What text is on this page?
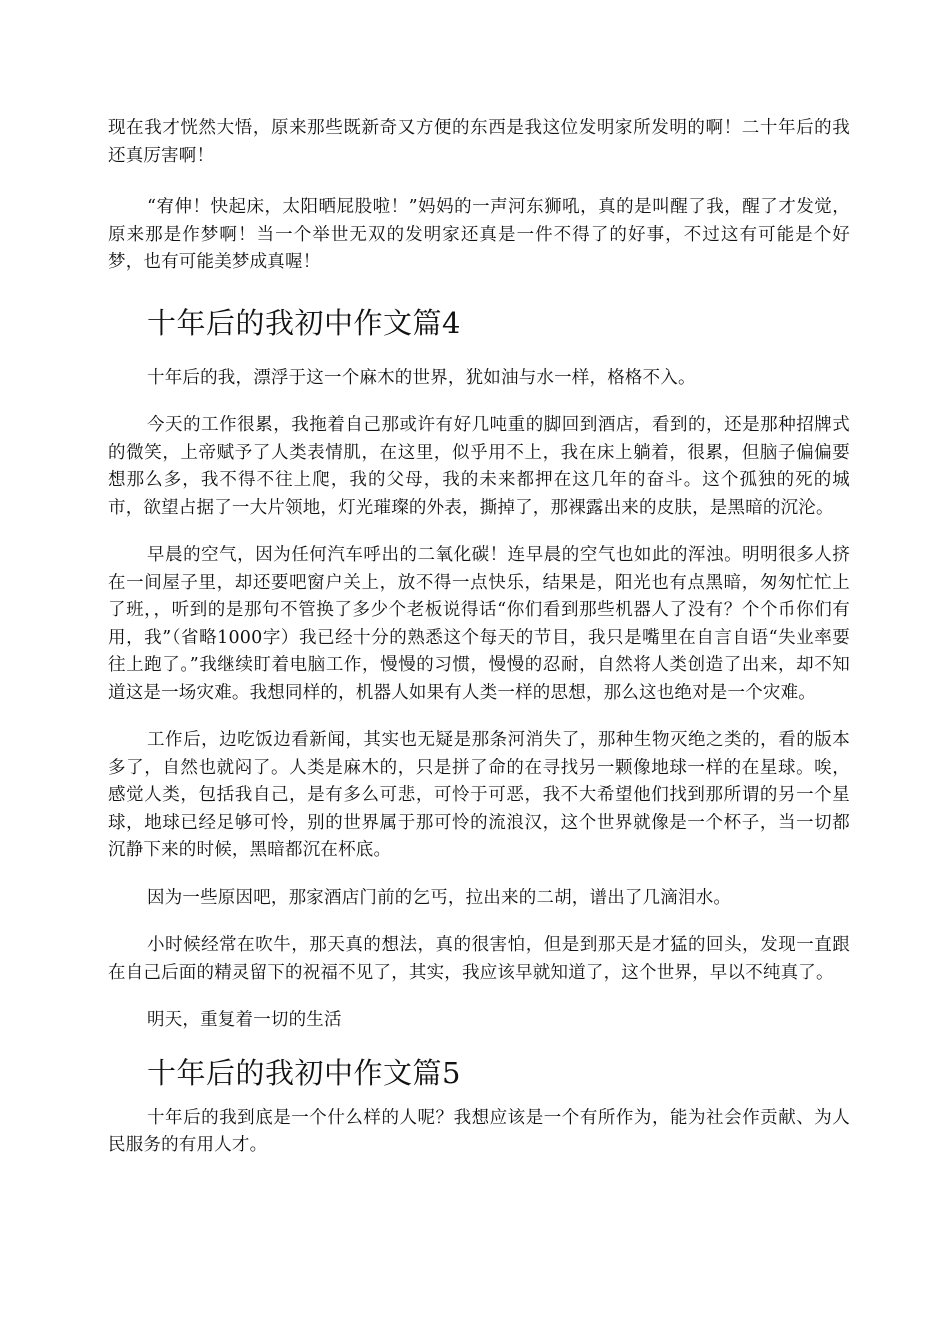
现在我才恍然大悟，原来那些既新奇又方便的东西是我这位发明家所发明的啊！二十年后的我还真厉害啊！

“宥伸！快起床，太阳晒屁股啦！”妈妈的一声河东狮吼，真的是叫醒了我，醒了才发觉，原来那是作梦啊！当一个举世无双的发明家还真是一件不得了的好事，不过这有可能是个好梦，也有可能美梦成真喔！

十年后的我初中作文篇4

十年后的我，漂浮于这一个麻木的世界，犹如油与水一样，格格不入。

今天的工作很累，我拖着自己那或许有好几吨重的脚回到酒店，看到的，还是那种招牌式的微笑，上帝赋予了人类表情肌，在这里，似乎用不上，我在床上躺着，很累，但脑子偏偏要想那么多，我不得不往上爬，我的父母，我的未来都押在这几年的奋斗。这个孤独的死的城市，欲望占据了一大片领地，灯光璀璨的外表，撕掉了，那裸露出来的皮肤，是黑暗的沉沦。

早晨的空气，因为任何汽车呼出的二氧化碳！连早晨的空气也如此的浑浊。明明很多人挤在一间屋子里，却还要吧窗户关上，放不得一点快乐，结果是，阳光也有点黑暗，匆匆忙忙上了班，，听到的是那句不管换了多少个老板说得话“你们看到那些机器人了没有？个个币你们有用，我”（省略1000字）我已经十分的熟悉这个每天的节目，我只是嘴里在自言自语“失业率要往上跑了。”我继续盯着电脑工作，慢慢的习惯，慢慢的忍耐，自然将人类创造了出来，却不知道这是一场灾难。我想同样的，机器人如果有人类一样的思想，那么这也绝对是一个灾难。

工作后，边吃饭边看新闻，其实也无疑是那条河消失了，那种生物灭绝之类的，看的版本多了，自然也就闷了。人类是麻木的，只是拼了命的在寻找另一颗像地球一样的在星球。唉，感觉人类，包括我自己，是有多么可悲，可怜于可恶，我不大希望他们找到那所谓的另一个星球，地球已经足够可怜，别的世界属于那可怜的流浪汉，这个世界就像是一个杯子，当一切都沉静下来的时候，黑暗都沉在杯底。

因为一些原因吧，那家酒店门前的乞丐，拉出来的二胡，谱出了几滴泪水。

小时候经常在吹牛，那天真的想法，真的很害怕，但是到那天是才猛的回头，发现一直跟在自己后面的精灵留下的祝福不见了，其实，我应该早就知道了，这个世界，早以不纯真了。

明天，重复着一切的生活

十年后的我初中作文篇5

十年后的我到底是一个什么样的人呢？我想应该是一个有所作为，能为社会作贡献、为人民服务的有用人才。
